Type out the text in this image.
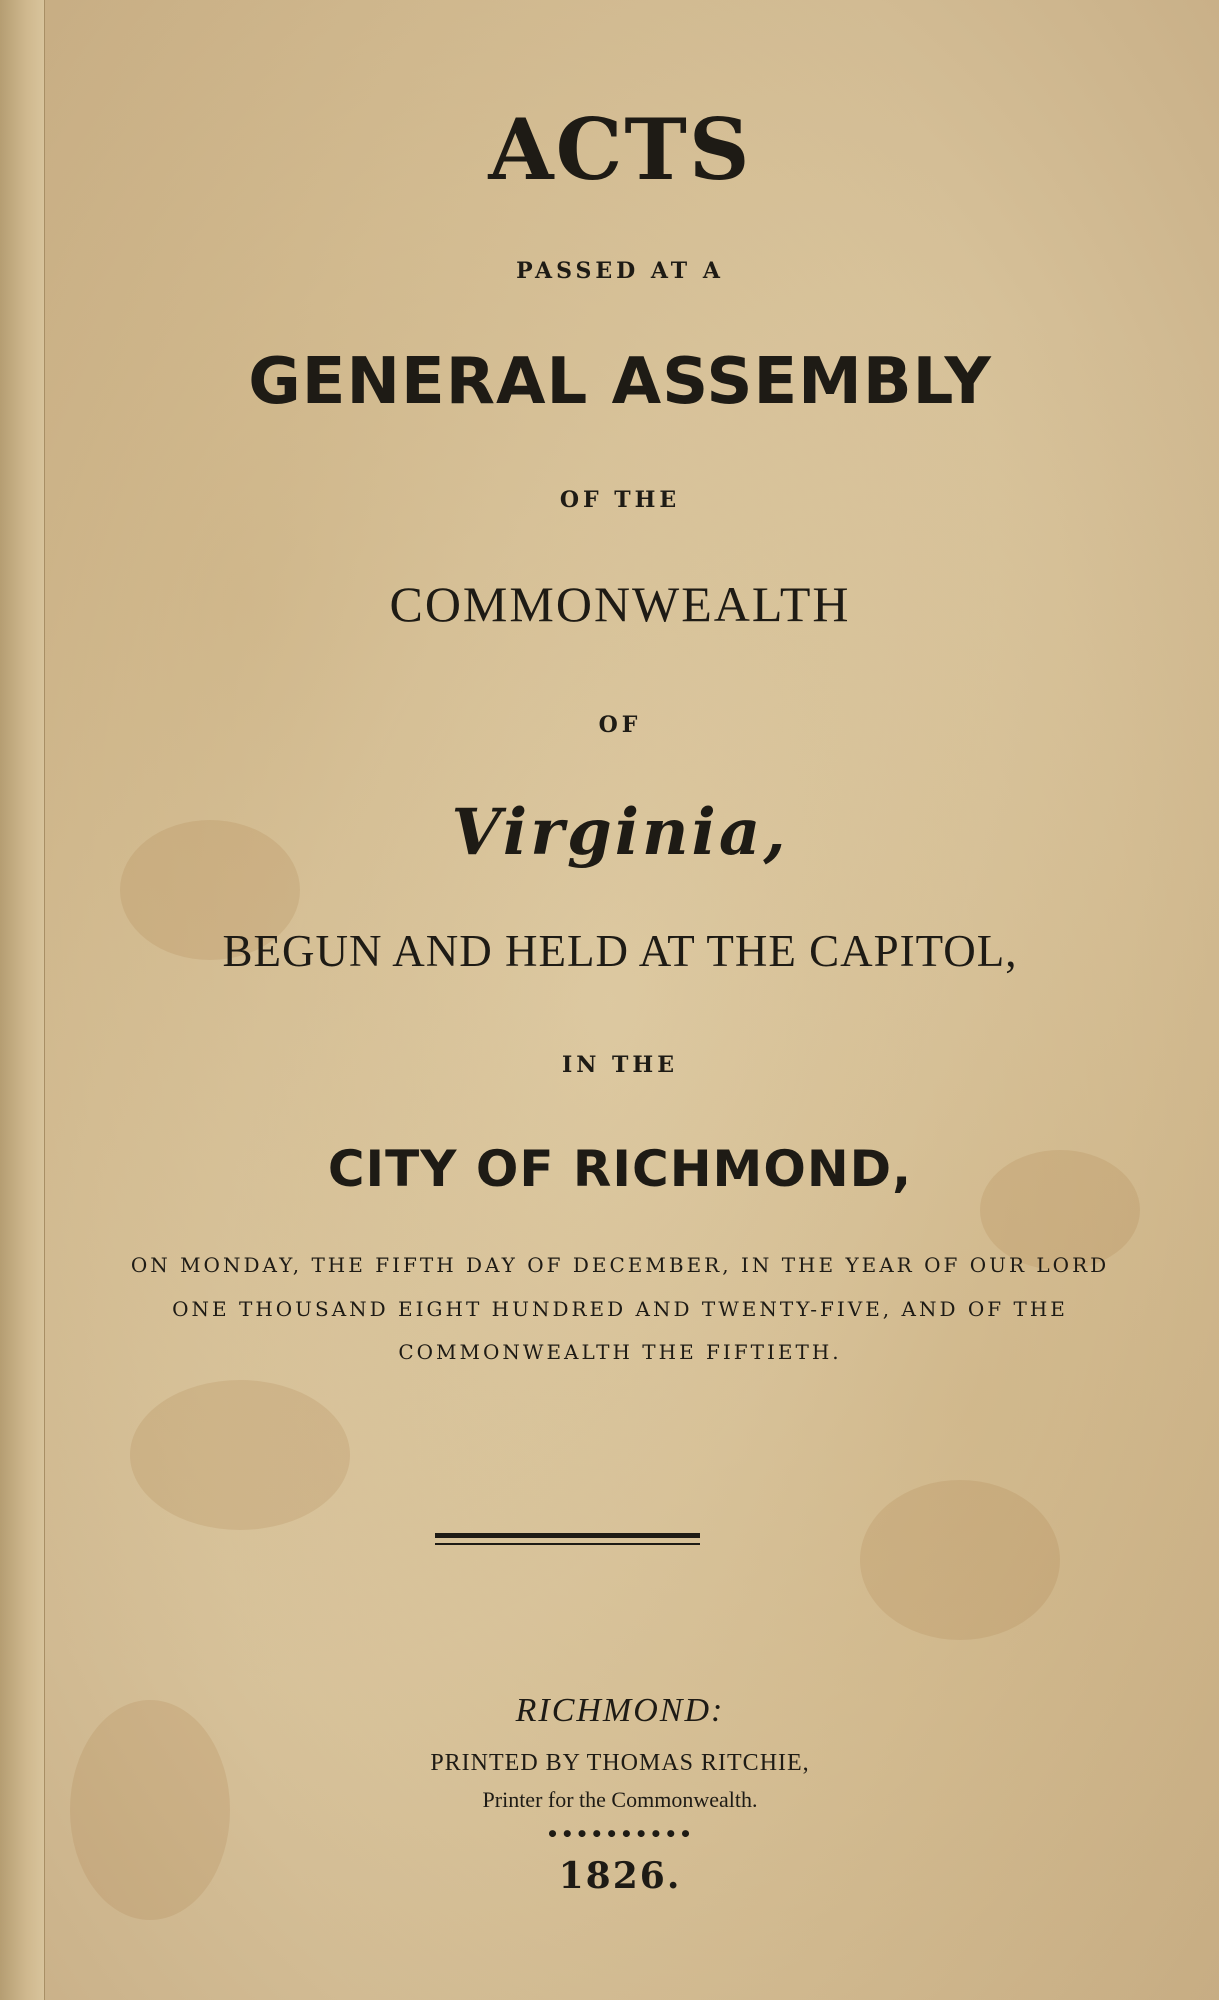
ACTS
PASSED AT A
GENERAL ASSEMBLY
OF THE
COMMONWEALTH
OF
Virginia,
BEGUN AND HELD AT THE CAPITOL,
IN THE
CITY OF RICHMOND,
ON MONDAY, THE FIFTH DAY OF DECEMBER, IN THE YEAR OF OUR LORD
ONE THOUSAND EIGHT HUNDRED AND TWENTY-FIVE, AND OF THE
COMMONWEALTH THE FIFTIETH.
RICHMOND:
PRINTED BY THOMAS RITCHIE,
Printer for the Commonwealth.
••••••••••
1826.
